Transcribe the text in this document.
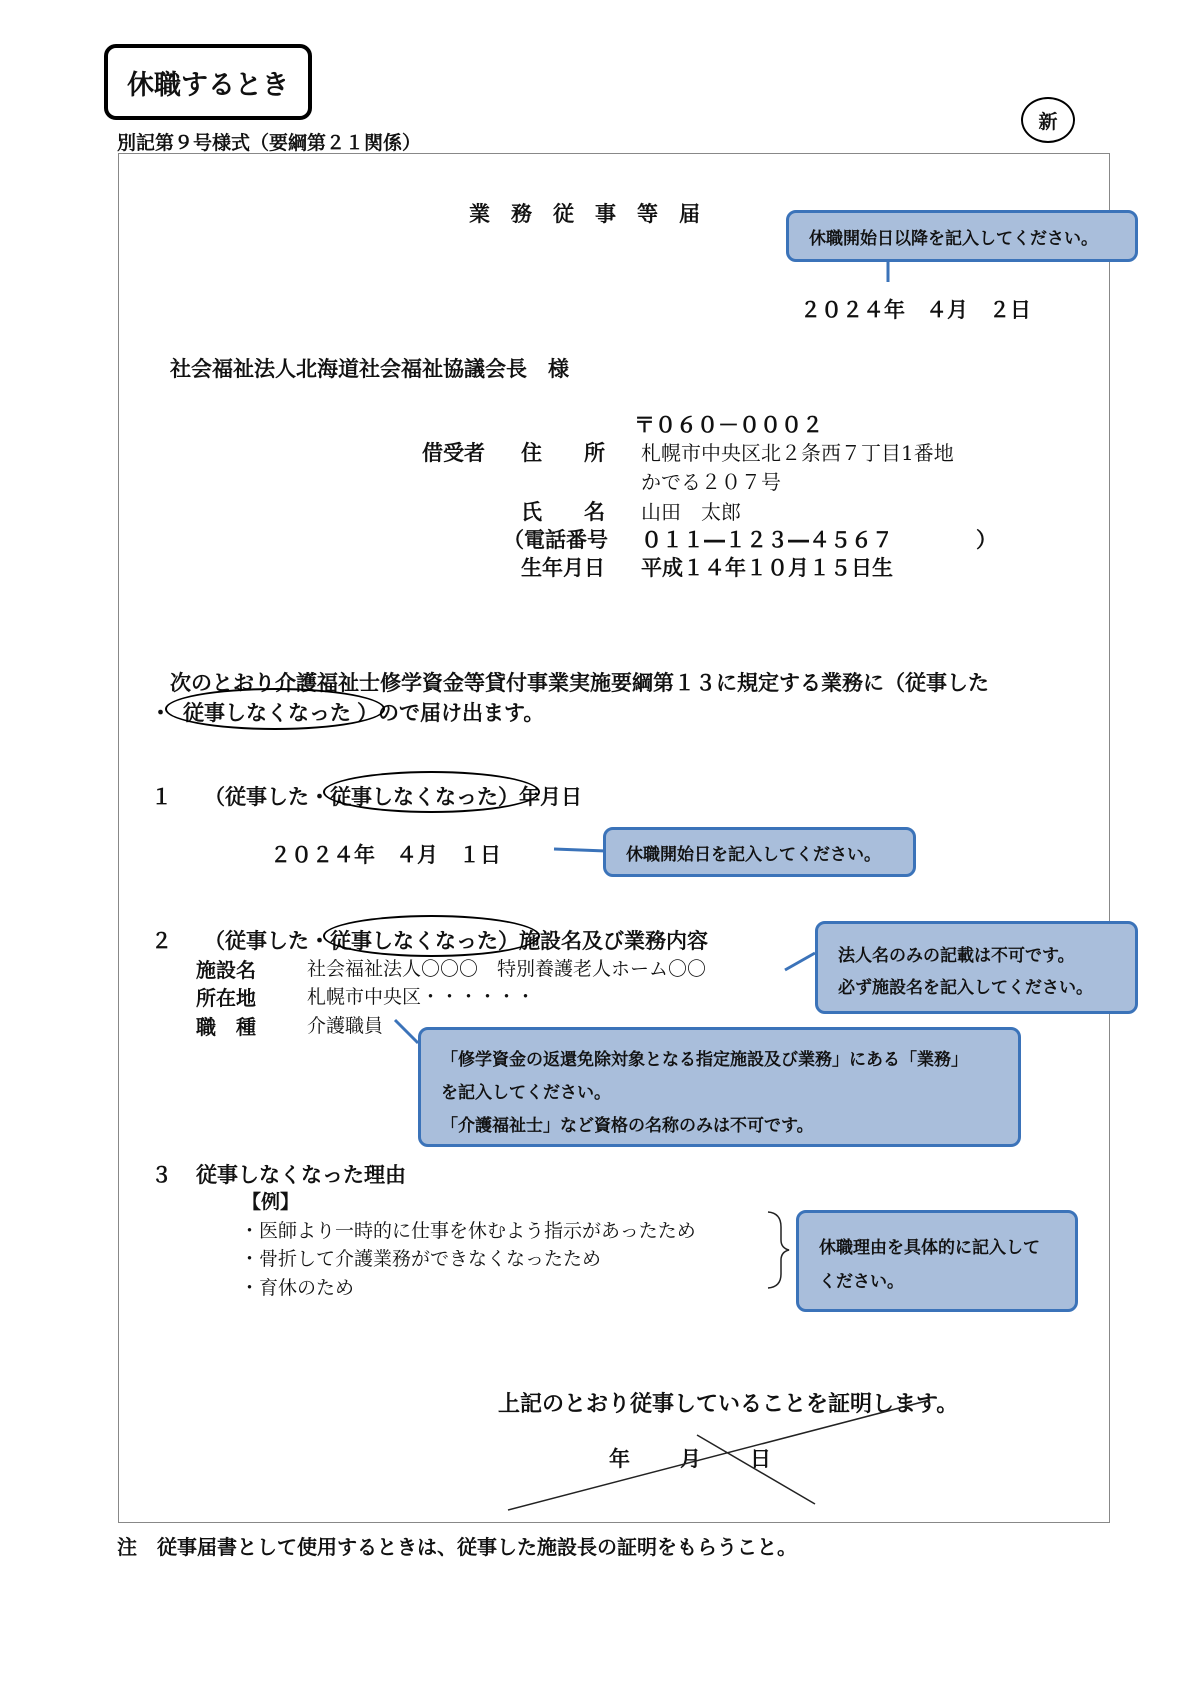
休職するとき
新
別記第９号様式（要綱第２１関係）
業　務　従　事　等　届
２０２４年　４月　２日
社会福祉法人北海道社会福祉協議会長　様
借受者
〒０６０－０００２
住　　所 札幌市中央区北２条西７丁目1番地
かでる２０７号
氏　　名 山田　太郎
（電話番号 ０１１―１２３―４５６７	）
生年月日 平成１４年１０月１５日生
次のとおり介護福祉士修学資金等貸付事業実施要綱第１３に規定する業務に（従事した
・ 従事しなくなった ）ので届け出ます。
１ （従事した・従事しなくなった）年月日
２０２４年　４月　１日
２ （従事した・従事しなくなった）施設名及び業務内容
施設名	社会福祉法人〇〇〇　特別養護老人ホーム〇〇
所在地	札幌市中央区・・・・・・
職　種	介護職員
３ 従事しなくなった理由
【例】
・医師より一時的に仕事を休むよう指示があったため
・骨折して介護業務ができなくなったため
・育休のため
上記のとおり従事していることを証明します。
年 月 日
注　従事届書として使用するときは、従事した施設長の証明をもらうこと。
休職開始日以降を記入してください。
休職開始日を記入してください。
法人名のみの記載は不可です。
必ず施設名を記入してください。
「修学資金の返還免除対象となる指定施設及び業務」にある「業務」
を記入してください。
「介護福祉士」など資格の名称のみは不可です。
休職理由を具体的に記入して
ください。
